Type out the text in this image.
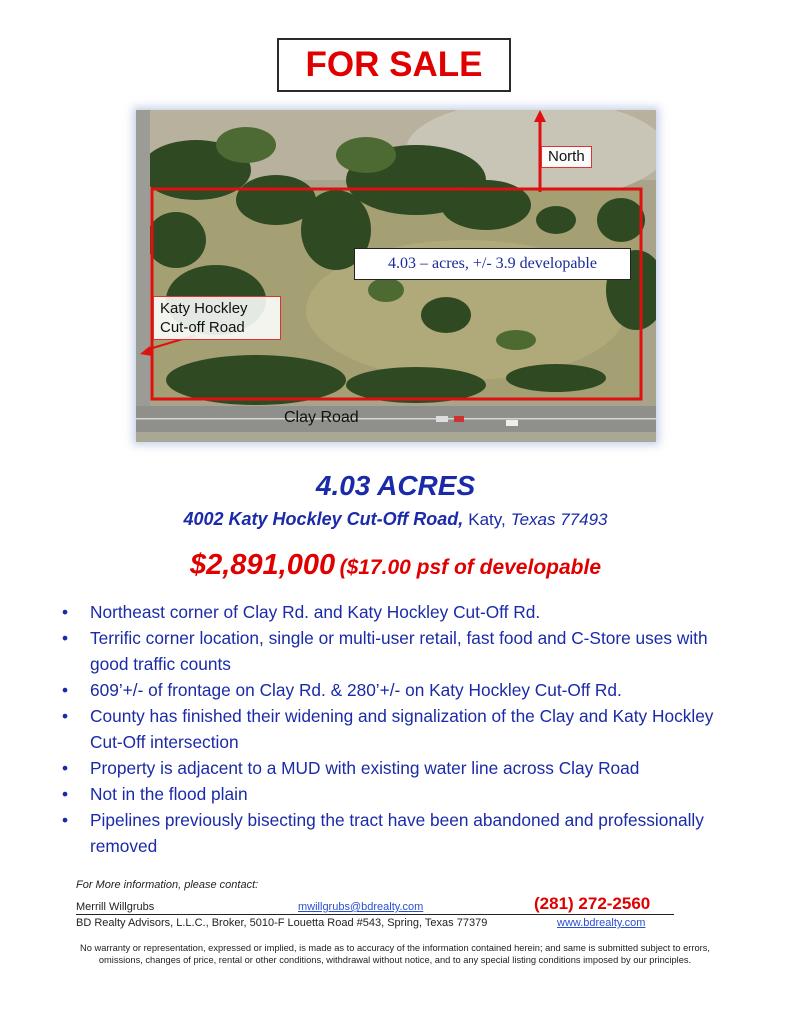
FOR SALE
North
4.03 – acres, +/- 3.9 developable
Katy Hockley
Cut-off Road
Clay Road
4.03 ACRES
4002 Katy Hockley Cut-Off Road, Katy, Texas 77493
$2,891,000 ($17.00 psf of developable
• Northeast corner of Clay Rd. and Katy Hockley Cut-Off Rd.
• Terrific corner location, single or multi-user retail, fast food and C-Store uses with good traffic counts
• 609’+/- of frontage on Clay Rd. & 280’+/- on Katy Hockley Cut-Off Rd.
• County has finished their widening and signalization of the Clay and Katy Hockley Cut-Off intersection
• Property is adjacent to a MUD with existing water line across Clay Road
• Not in the flood plain
• Pipelines previously bisecting the tract have been abandoned and professionally removed
For More information, please contact:
Merrill Willgrubs	mwillgrubs@bdrealty.com	(281) 272-2560
BD Realty Advisors, L.L.C., Broker, 5010-F Louetta Road #543, Spring, Texas 77379	www.bdrealty.com
No warranty or representation, expressed or implied, is made as to accuracy of the information contained herein; and same is submitted subject to errors, omissions, changes of price, rental or other conditions, withdrawal without notice, and to any special listing conditions imposed by our principles.
